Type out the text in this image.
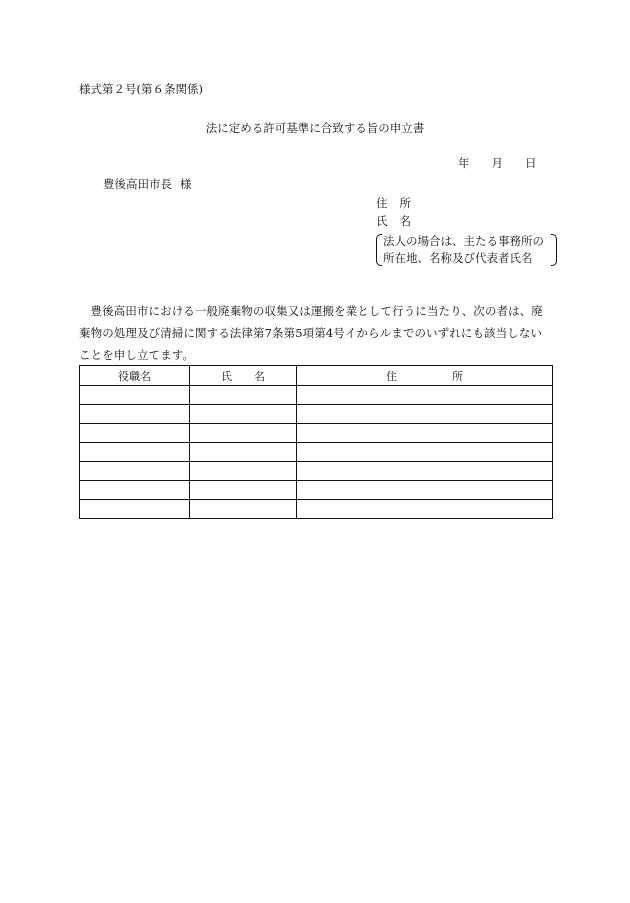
様式第２号(第６条関係)
法に定める許可基準に合致する旨の申立書
年 月 日
豊後高田市長 様
住 所
氏 名
法人の場合は、主たる事務所の
所在地、名称及び代表者氏名
豊後高田市における一般廃棄物の収集又は運搬を業として行うに当たり、次の者は、廃棄物の処理及び清掃に関する法律第7条第5項第4号イからルまでのいずれにも該当しないことを申し立てます。
役職名	氏　　名	住　　　　　所
